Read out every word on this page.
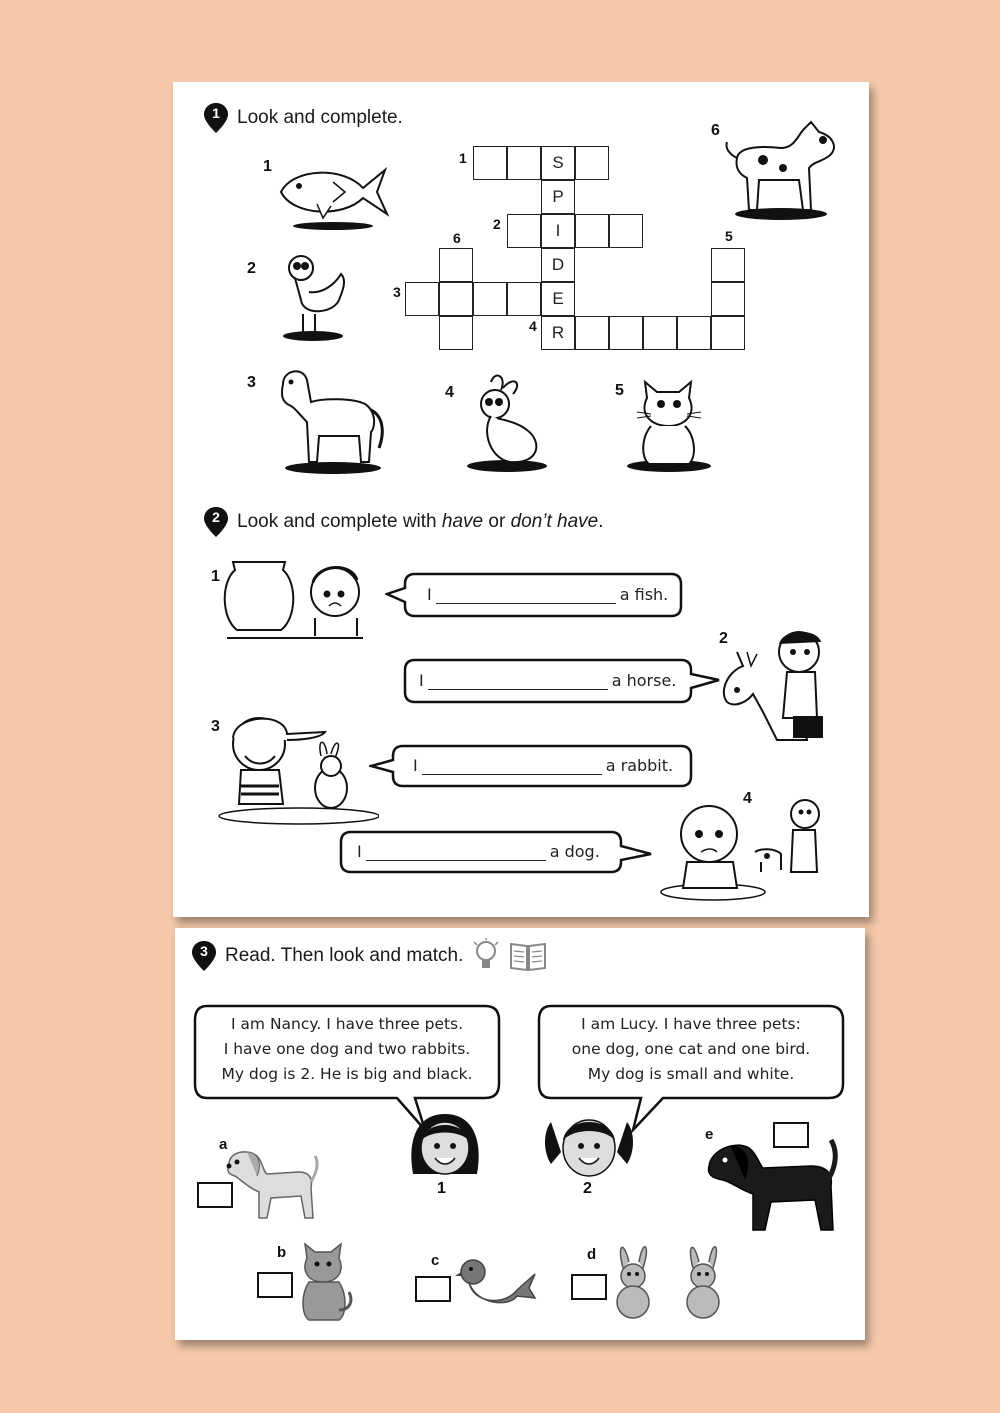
1 Look and complete.
1
2
3
4	5
6
1
2
3
4
5
6
S
P
I
D
E
R
2 Look and complete with have or don’t have.
1
2
3
4
I	a fish.
I	a horse.
I	a rabbit.
I	a dog.
3 Read. Then look and match.
I am Nancy. I have three pets.
I have one dog and two rabbits.
My dog is 2. He is big and black.
I am Lucy. I have three pets:
one dog, one cat and one bird.
My dog is small and white.
1	2
a
e
b	c	d
